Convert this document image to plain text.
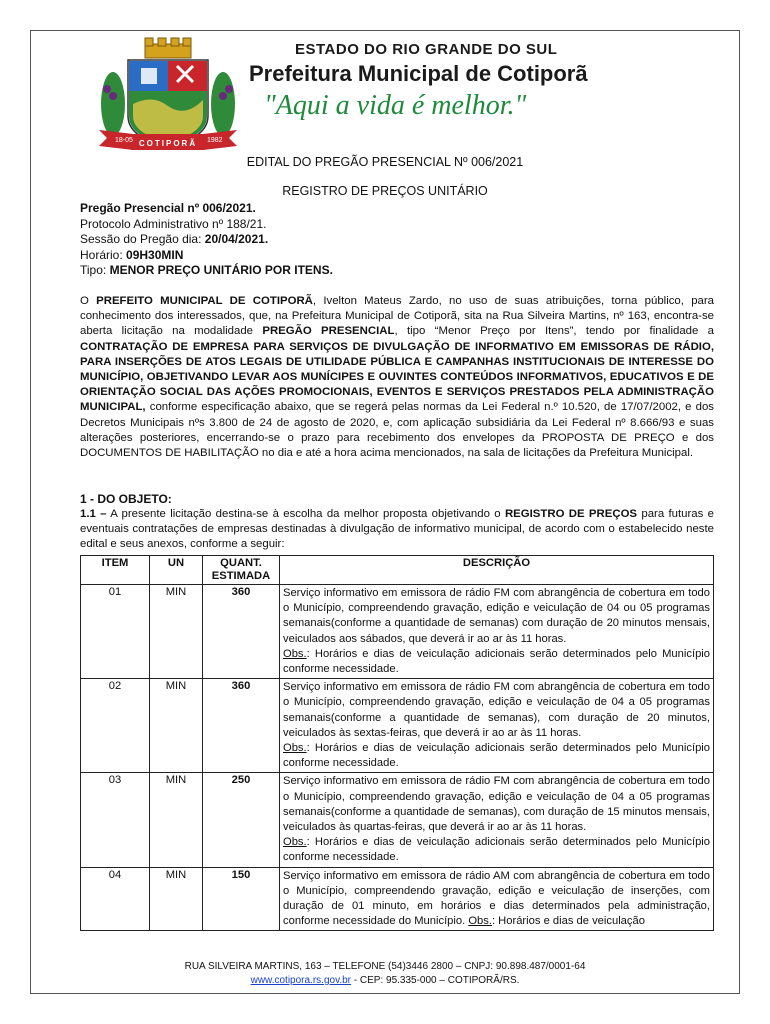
18-05 COTIPORÃ 1982
ESTADO DO RIO GRANDE DO SUL
Prefeitura Municipal de Cotiporã
"Aqui a vida é melhor."
EDITAL DO PREGÃO PRESENCIAL Nº 006/2021
REGISTRO DE PREÇOS UNITÁRIO
Pregão Presencial nº 006/2021.
Protocolo Administrativo nº 188/21.
Sessão do Pregão dia: 20/04/2021.
Horário: 09H30MIN
Tipo: MENOR PREÇO UNITÁRIO POR ITENS.
O PREFEITO MUNICIPAL DE COTIPORÃ, Ivelton Mateus Zardo, no uso de suas atribuições, torna público, para conhecimento dos interessados, que, na Prefeitura Municipal de Cotiporã, sita na Rua Silveira Martins, nº 163, encontra-se aberta licitação na modalidade PREGÃO PRESENCIAL, tipo “Menor Preço por Itens”, tendo por finalidade a CONTRATAÇÃO DE EMPRESA PARA SERVIÇOS DE DIVULGAÇÃO DE INFORMATIVO EM EMISSORAS DE RÁDIO, PARA INSERÇÕES DE ATOS LEGAIS DE UTILIDADE PÚBLICA E CAMPANHAS INSTITUCIONAIS DE INTERESSE DO MUNICÍPIO, OBJETIVANDO LEVAR AOS MUNÍCIPES E OUVINTES CONTEÚDOS INFORMATIVOS, EDUCATIVOS E DE ORIENTAÇÃO SOCIAL DAS AÇÕES PROMOCIONAIS, EVENTOS E SERVIÇOS PRESTADOS PELA ADMINISTRAÇÃO MUNICIPAL, conforme especificação abaixo, que se regerá pelas normas da Lei Federal n.º 10.520, de 17/07/2002, e dos Decretos Municipais nºs 3.800 de 24 de agosto de 2020, e, com aplicação subsidiária da Lei Federal nº 8.666/93 e suas alterações posteriores, encerrando-se o prazo para recebimento dos envelopes da PROPOSTA DE PREÇO e dos DOCUMENTOS DE HABILITAÇÃO no dia e até a hora acima mencionados, na sala de licitações da Prefeitura Municipal.
1 - DO OBJETO:
1.1 – A presente licitação destina-se à escolha da melhor proposta objetivando o REGISTRO DE PREÇOS para futuras e eventuais contratações de empresas destinadas à divulgação de informativo municipal, de acordo com o estabelecido neste edital e seus anexos, conforme a seguir:
ITEM	UN	QUANT. ESTIMADA	DESCRIÇÃO
01	MIN	360	Serviço informativo em emissora de rádio FM com abrangência de cobertura em todo o Município, compreendendo gravação, edição e veiculação de 04 ou 05 programas semanais(conforme a quantidade de semanas) com duração de 20 minutos mensais, veiculados aos sábados, que deverá ir ao ar às 11 horas.
Obs.: Horários e dias de veiculação adicionais serão determinados pelo Município conforme necessidade.
02	MIN	360	Serviço informativo em emissora de rádio FM com abrangência de cobertura em todo o Município, compreendendo gravação, edição e veiculação de 04 a 05 programas semanais(conforme a quantidade de semanas), com duração de 20 minutos, veiculados às sextas-feiras, que deverá ir ao ar às 11 horas.
Obs.: Horários e dias de veiculação adicionais serão determinados pelo Município conforme necessidade.
03	MIN	250	Serviço informativo em emissora de rádio FM com abrangência de cobertura em todo o Município, compreendendo gravação, edição e veiculação de 04 a 05 programas semanais(conforme a quantidade de semanas), com duração de 15 minutos mensais, veiculados às quartas-feiras, que deverá ir ao ar às 11 horas.
Obs.: Horários e dias de veiculação adicionais serão determinados pelo Município conforme necessidade.
04	MIN	150	Serviço informativo em emissora de rádio AM com abrangência de cobertura em todo o Município, compreendendo gravação, edição e veiculação de inserções, com duração de 01 minuto, em horários e dias determinados pela administração, conforme necessidade do Município. Obs.: Horários e dias de veiculação
RUA SILVEIRA MARTINS, 163 – TELEFONE (54)3446 2800 – CNPJ: 90.898.487/0001-64
www.cotipora.rs.gov.br - CEP: 95.335-000 – COTIPORÃ/RS.
